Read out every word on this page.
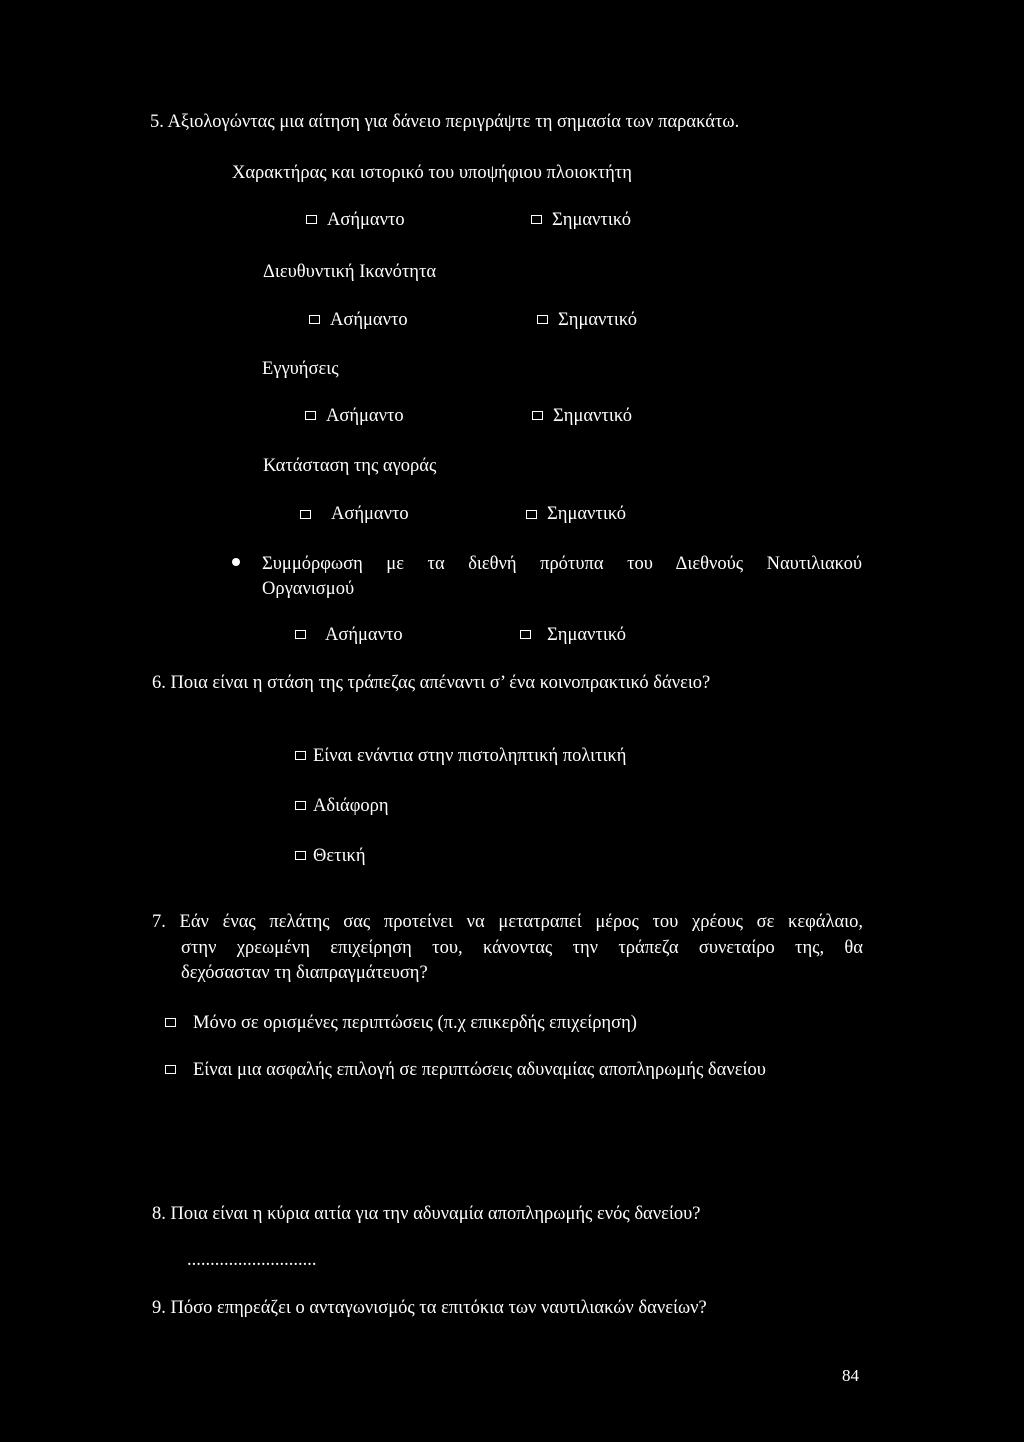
5. Αξιολογώντας μια αίτηση για δάνειο περιγράψτε τη σημασία των παρακάτω.
Χαρακτήρας και ιστορικό του υποψήφιου πλοιοκτήτη
Ασήμαντο	Σημαντικό
Διευθυντική Ικανότητα
Ασήμαντο	Σημαντικό
Εγγυήσεις
Ασήμαντο	Σημαντικό
Κατάσταση της αγοράς
Ασήμαντο	Σημαντικό
Συμμόρφωση με τα διεθνή πρότυπα του Διεθνούς Ναυτιλιακού
Οργανισμού
Ασήμαντο	Σημαντικό
6. Ποια είναι η στάση της τράπεζας απέναντι σ’ ένα κοινοπρακτικό δάνειο?
Είναι ενάντια στην πιστοληπτική πολιτική
Αδιάφορη
Θετική
7. Εάν ένας πελάτης σας προτείνει να μετατραπεί μέρος του χρέους σε κεφάλαιο,
στην χρεωμένη επιχείρηση του, κάνοντας την τράπεζα συνεταίρο της, θα
δεχόσασταν τη διαπραγμάτευση?
Μόνο σε ορισμένες περιπτώσεις (π.χ επικερδής επιχείρηση)
Είναι μια ασφαλής επιλογή σε περιπτώσεις αδυναμίας αποπληρωμής δανείου
8. Ποια είναι η κύρια αιτία για την αδυναμία αποπληρωμής ενός δανείου?
............................
9. Πόσο επηρεάζει ο ανταγωνισμός τα επιτόκια των ναυτιλιακών δανείων?
84
